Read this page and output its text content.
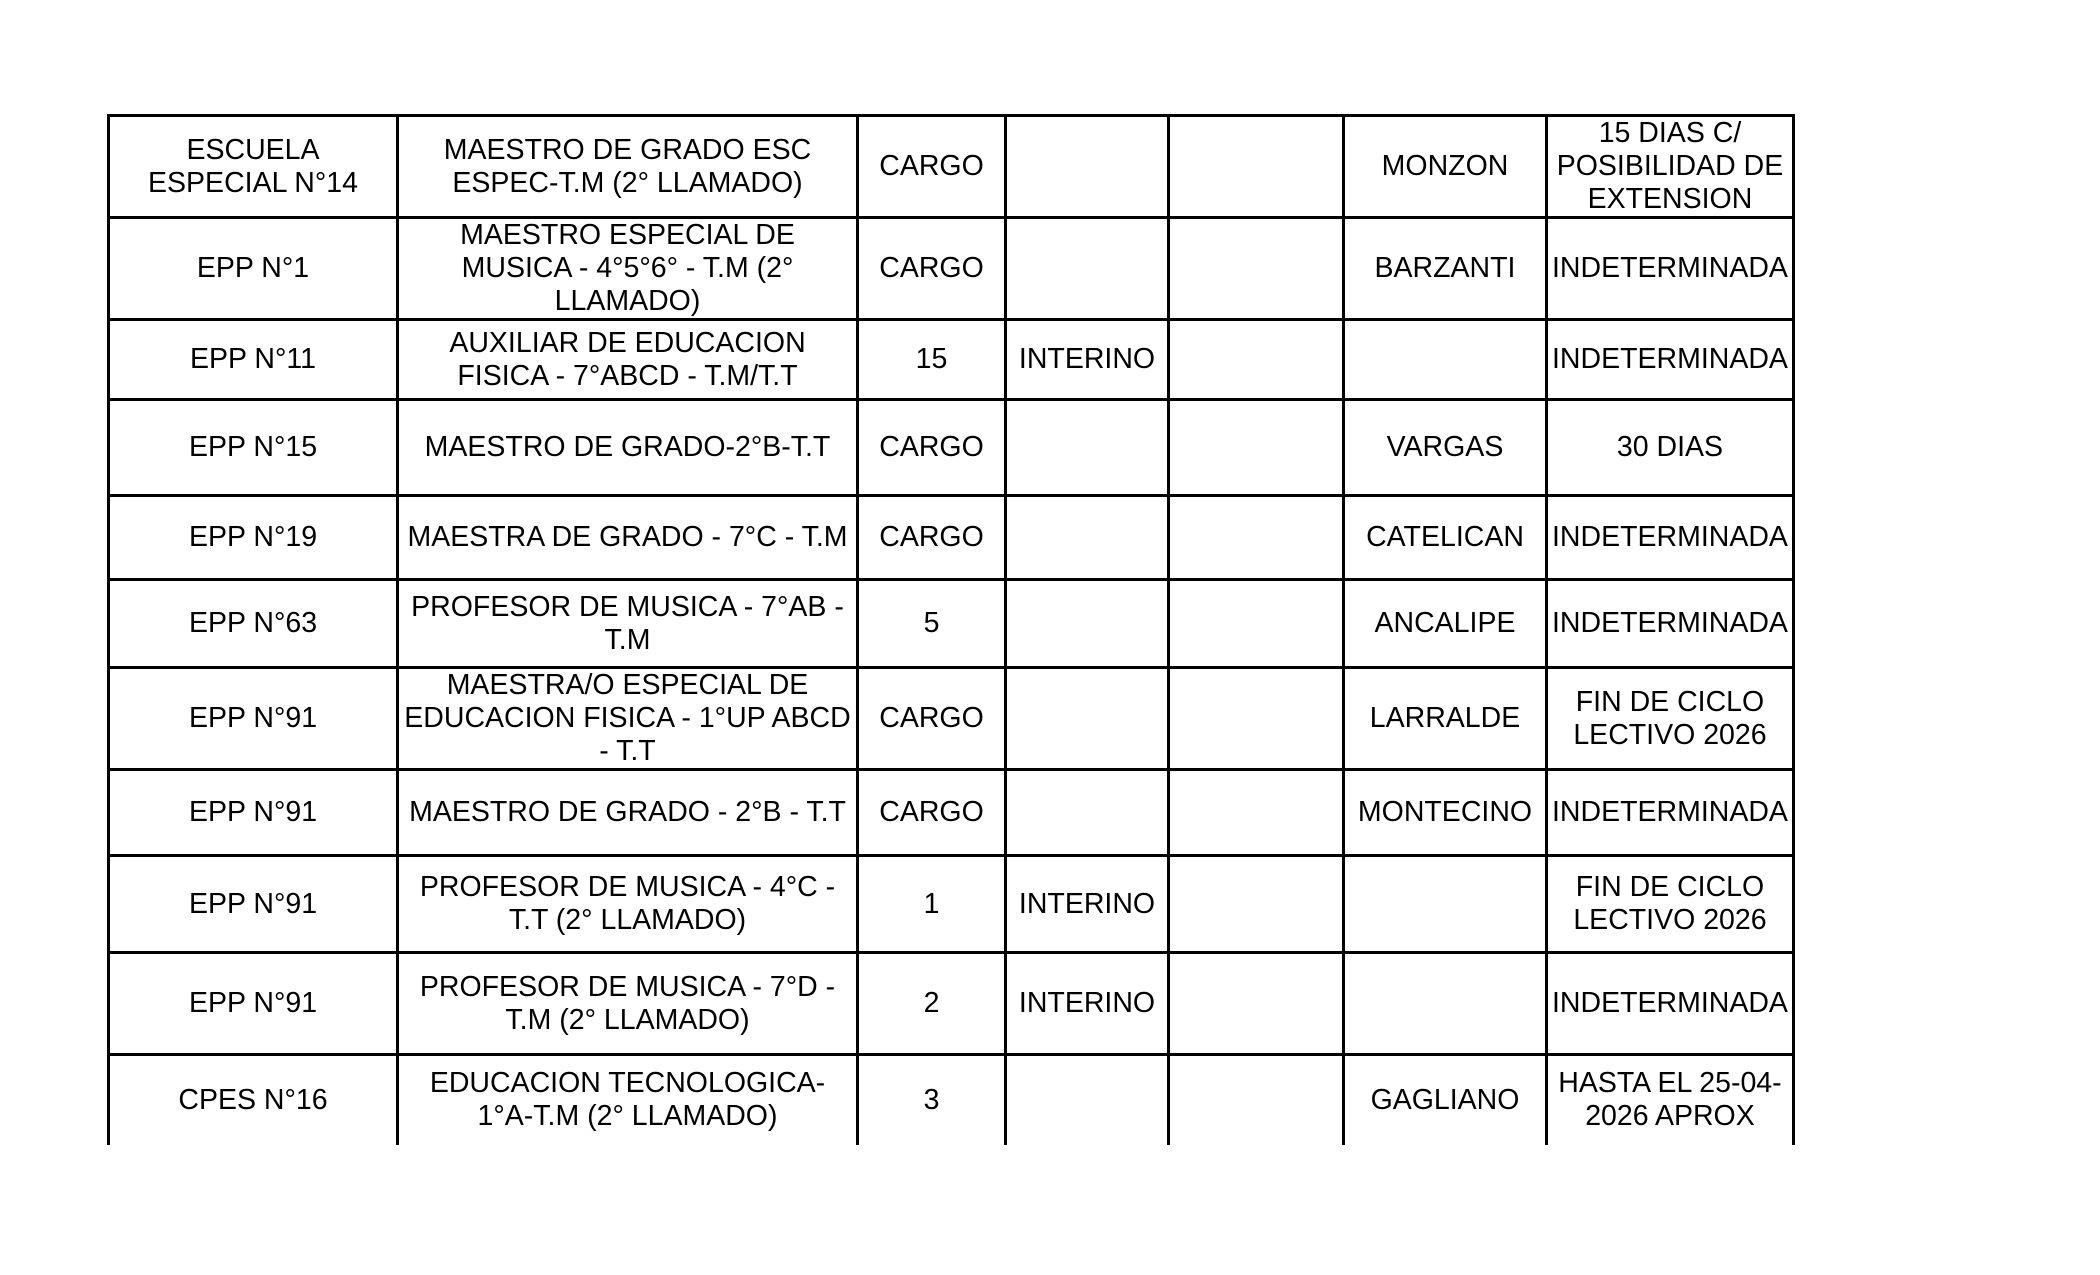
ESCUELA ESPECIAL N°14	MAESTRO DE GRADO ESC ESPEC-T.M (2° LLAMADO)	CARGO			MONZON	15 DIAS C/ POSIBILIDAD DE EXTENSION
EPP N°1	MAESTRO ESPECIAL DE MUSICA - 4°5°6° - T.M (2° LLAMADO)	CARGO			BARZANTI	INDETERMINADA
EPP N°11	AUXILIAR DE EDUCACION FISICA - 7°ABCD - T.M/T.T	15	INTERINO			INDETERMINADA
EPP N°15	MAESTRO DE GRADO-2°B-T.T	CARGO			VARGAS	30 DIAS
EPP N°19	MAESTRA DE GRADO - 7°C - T.M	CARGO			CATELICAN	INDETERMINADA
EPP N°63	PROFESOR DE MUSICA - 7°AB - T.M	5			ANCALIPE	INDETERMINADA
EPP N°91	MAESTRA/O ESPECIAL DE EDUCACION FISICA - 1°UP ABCD - T.T	CARGO			LARRALDE	FIN DE CICLO LECTIVO 2026
EPP N°91	MAESTRO DE GRADO - 2°B - T.T	CARGO			MONTECINO	INDETERMINADA
EPP N°91	PROFESOR DE MUSICA - 4°C - T.T (2° LLAMADO)	1	INTERINO			FIN DE CICLO LECTIVO 2026
EPP N°91	PROFESOR DE MUSICA - 7°D - T.M (2° LLAMADO)	2	INTERINO			INDETERMINADA
CPES N°16	EDUCACION TECNOLOGICA-1°A-T.M (2° LLAMADO)	3			GAGLIANO	HASTA EL 25-04-2026 APROX
